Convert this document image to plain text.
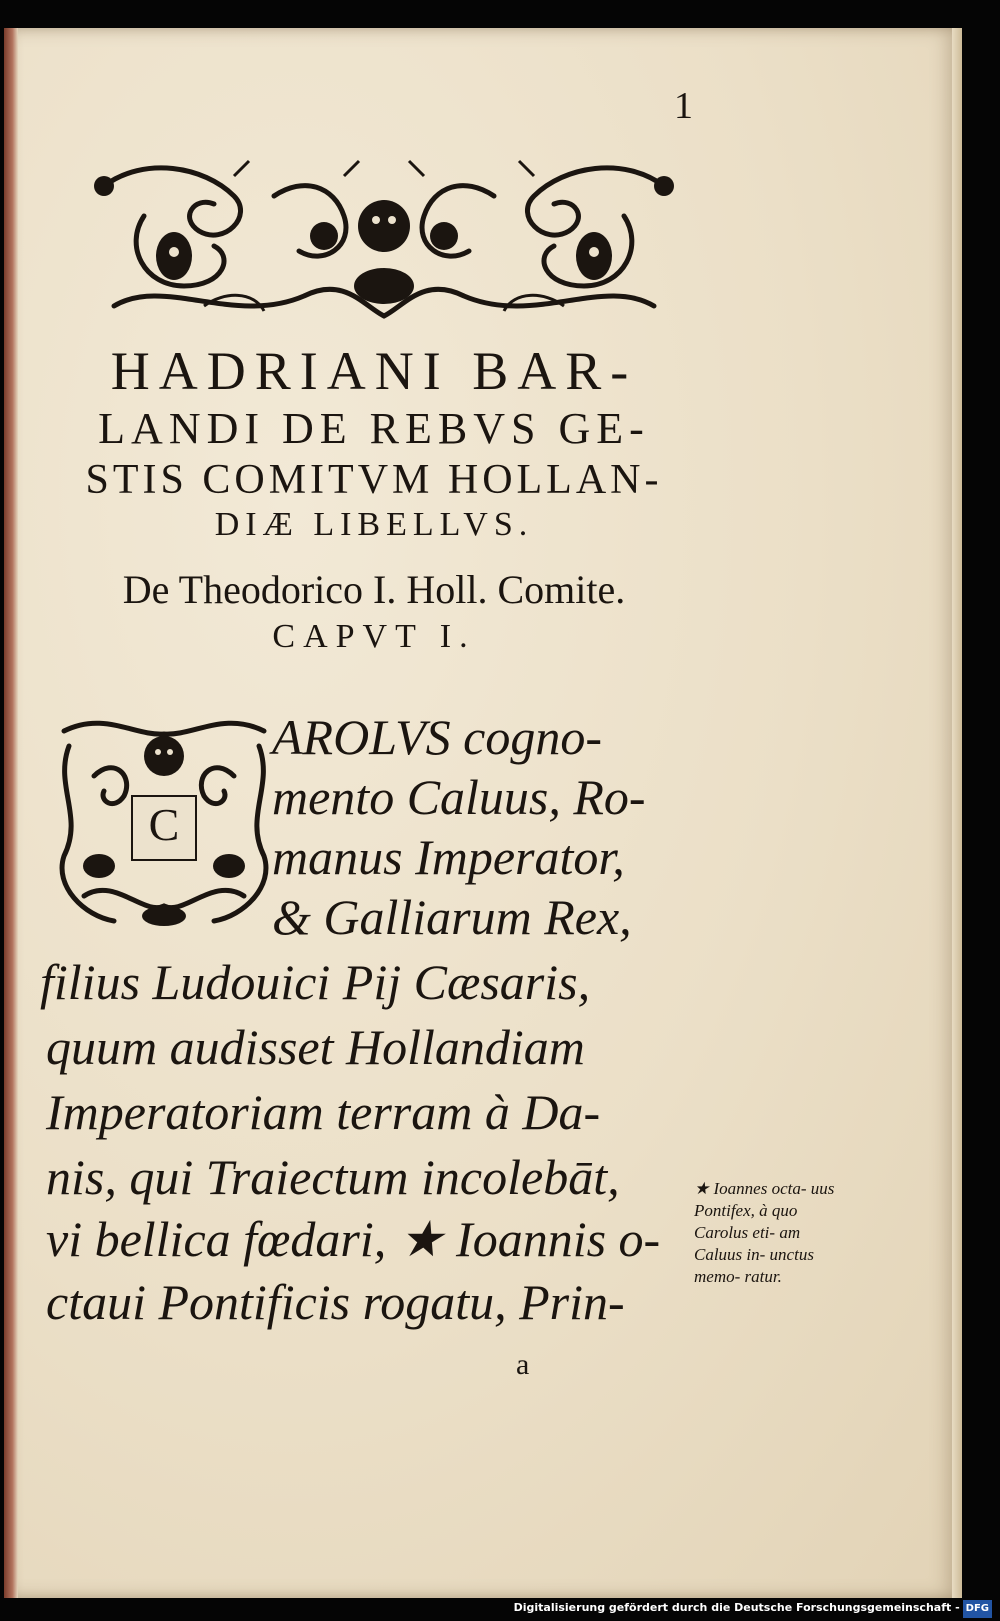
1
HADRIANI BAR-
LANDI DE REBVS GE-
STIS COMITVM HOLLAN-
DIÆ LIBELLVS.
De Theodorico I. Holl. Comite.
CAPVT I.
C
AROLVS cogno-
mento Caluus, Ro-
manus Imperator,
& Galliarum Rex,
filius Ludouici Pij Cæsaris,
quum audisset Hollandiam
Imperatoriam terram à Da-
nis, qui Traiectum incolebāt,
vi bellica fœdari, ★ Ioannis o-
ctaui Pontificis rogatu, Prin-
★ Ioannes octa- uus Pontifex, à quo Carolus eti- am Caluus in- unctus memo- ratur.
a
Digitalisierung gefördert durch die Deutsche Forschungsgemeinschaft - DFG
